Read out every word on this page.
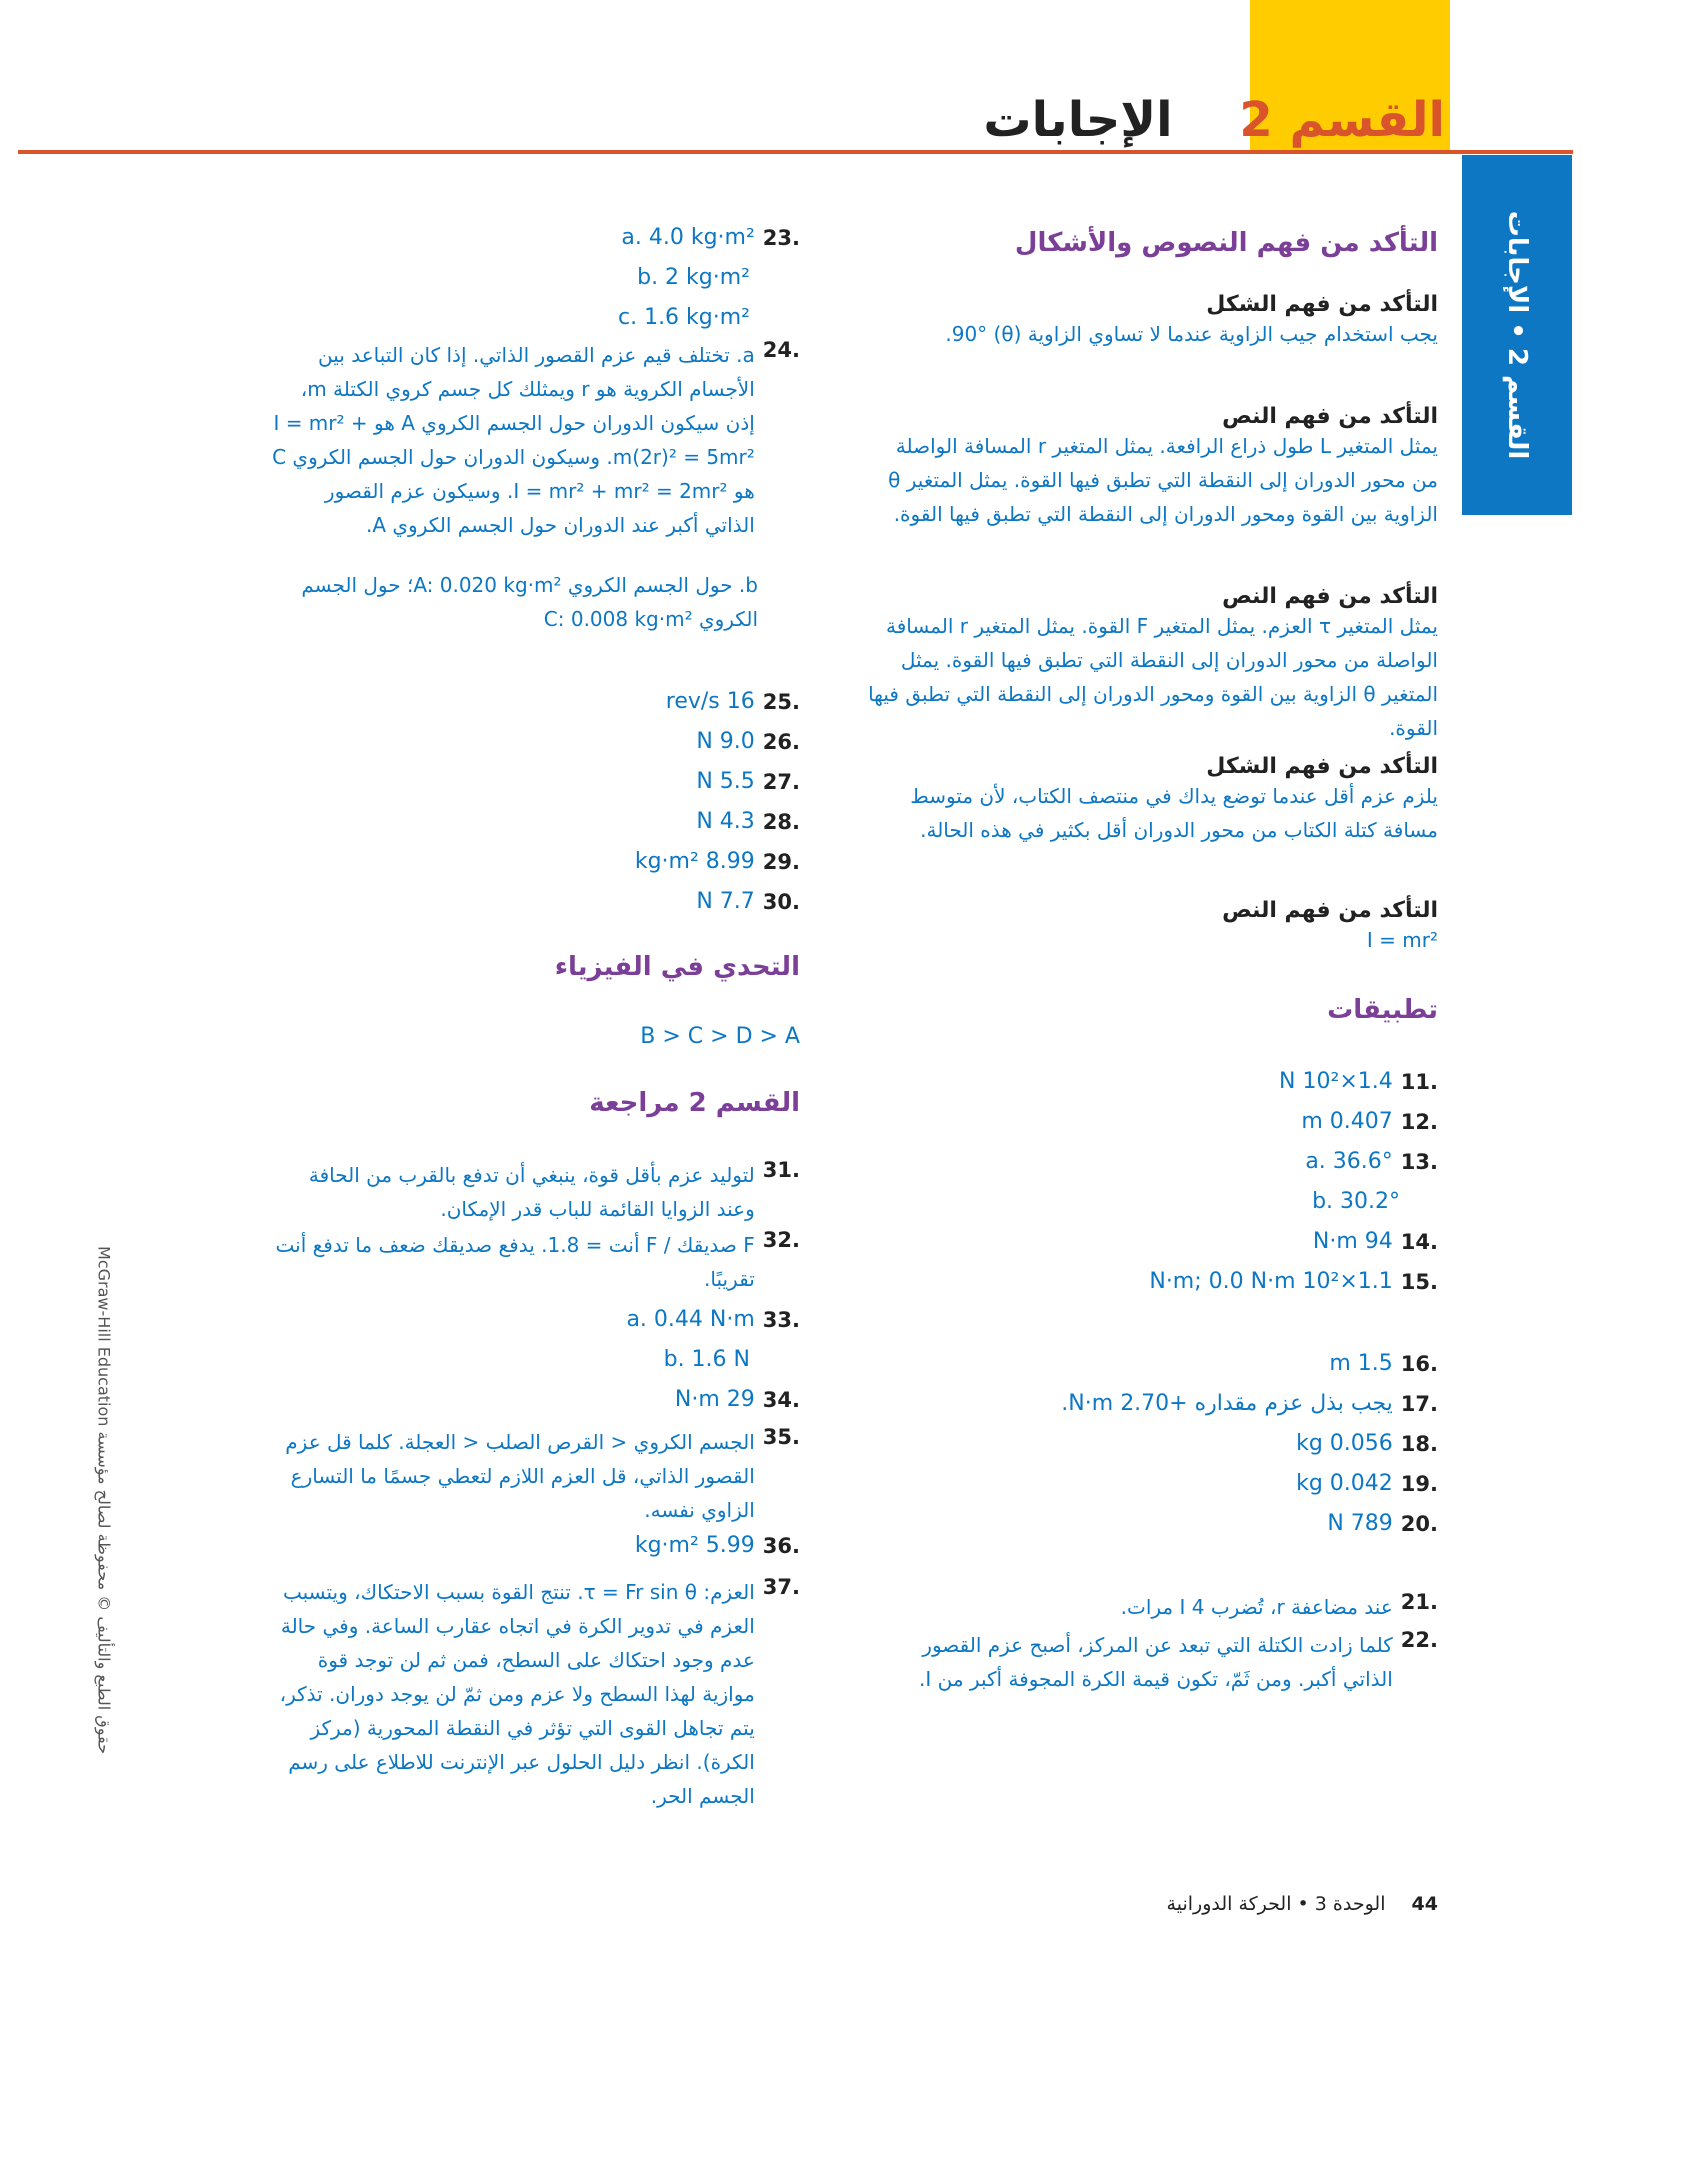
القسم 2    الإجابات
القسم 2 • الإجابات
حقوق الطبع والتأليف © محفوظة لصالح مؤسسة McGraw-Hill Education
التأكد من فهم النصوص والأشكال
التأكد من فهم الشكل
يجب استخدام جيب الزاوية عندما لا تساوي الزاوية (θ) 90°.
التأكد من فهم النص
يمثل المتغير L طول ذراع الرافعة. يمثل المتغير r المسافة الواصلة من محور الدوران إلى النقطة التي تطبق فيها القوة. يمثل المتغير θ الزاوية بين القوة ومحور الدوران إلى النقطة التي تطبق فيها القوة.
التأكد من فهم النص
يمثل المتغير τ العزم. يمثل المتغير F القوة. يمثل المتغير r المسافة الواصلة من محور الدوران إلى النقطة التي تطبق فيها القوة. يمثل المتغير θ الزاوية بين القوة ومحور الدوران إلى النقطة التي تطبق فيها القوة.
التأكد من فهم الشكل
يلزم عزم أقل عندما توضع يداك في منتصف الكتاب، لأن متوسط مسافة كتلة الكتاب من محور الدوران أقل بكثير في هذه الحالة.
التأكد من فهم النص
I = mr²
تطبيقات
.11
1.4×10² N
.12
0.407 m
.13
a. 36.6°
b. 30.2°
.14
94 N·m
.15
1.1×10² N·m; 0.0 N·m
.16
1.5 m
.17
يجب بذل عزم مقداره +2.70 N·m.
.18
0.056 kg
.19
0.042 kg
.20
789 N
.21
عند مضاعفة r، تُضرب I 4 مرات.
.22
كلما زادت الكتلة التي تبعد عن المركز، أصبح عزم القصور الذاتي أكبر. ومن ثَمّ، تكون قيمة الكرة المجوفة أكبر من I.
.23
a. 4.0 kg·m²
b. 2 kg·m²
c. 1.6 kg·m²
.24
a. تختلف قيم عزم القصور الذاتي. إذا كان التباعد بين الأجسام الكروية هو r ويمثلك كل جسم كروي الكتلة m، إذن سيكون الدوران حول الجسم الكروي A هو I = mr² + m(2r)² = 5mr². وسيكون الدوران حول الجسم الكروي C هو I = mr² + mr² = 2mr². وسيكون عزم القصور الذاتي أكبر عند الدوران حول الجسم الكروي A.
b. حول الجسم الكروي A: 0.020 kg·m²؛ حول الجسم الكروي C: 0.008 kg·m²
.25
16 rev/s
.26
9.0 N
.27
5.5 N
.28
4.3 N
.29
8.99 kg·m²
.30
7.7 N
التحدي في الفيزياء
B > C > D > A
القسم 2 مراجعة
.31
لتوليد عزم بأقل قوة، ينبغي أن تدفع بالقرب من الحافة وعند الزوايا القائمة للباب قدر الإمكان.
.32
F صديقك / F أنت = 1.8. يدفع صديقك ضعف ما تدفع أنت تقريبًا.
.33
a. 0.44 N·m
b. 1.6 N
.34
29 N·m
.35
الجسم الكروي < القرص الصلب < العجلة. كلما قل عزم القصور الذاتي، قل العزم اللازم لتعطي جسمًا ما التسارع الزاوي نفسه.
.36
5.99 kg·m²
.37
العزم: τ = Fr sin θ. تنتج القوة بسبب الاحتكاك، ويتسبب العزم في تدوير الكرة في اتجاه عقارب الساعة. وفي حالة عدم وجود احتكاك على السطح، فمن ثم لن توجد قوة موازية لهذا السطح ولا عزم ومن ثمّ لن يوجد دوران. تذكر، يتم تجاهل القوى التي تؤثر في النقطة المحورية (مركز الكرة). انظر دليل الحلول عبر الإنترنت للاطلاع على رسم الجسم الحر.
44 الوحدة 3 • الحركة الدورانية
